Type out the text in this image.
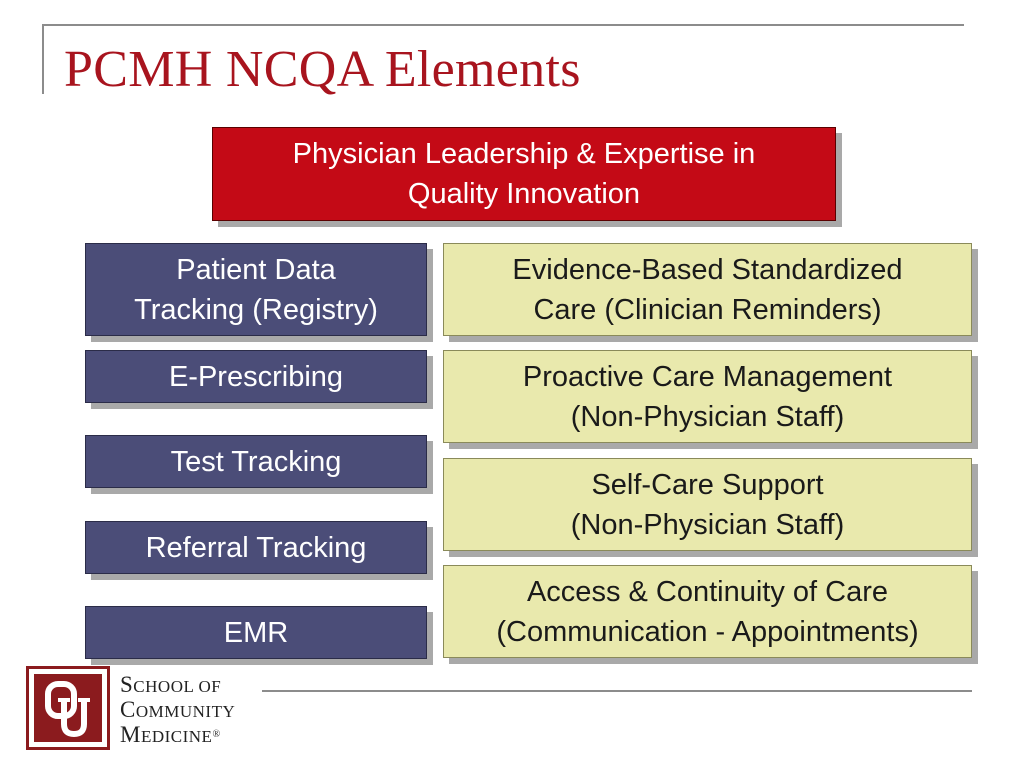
PCMH NCQA Elements
Physician Leadership & Expertise in
Quality Innovation
Patient Data
Tracking (Registry)
E-Prescribing
Test Tracking
Referral Tracking
EMR
Evidence-Based Standardized
Care (Clinician Reminders)
Proactive Care Management
(Non-Physician Staff)
Self-Care Support
(Non-Physician Staff)
Access & Continuity of Care
(Communication - Appointments)
SCHOOL OF
COMMUNITY
MEDICINE®
